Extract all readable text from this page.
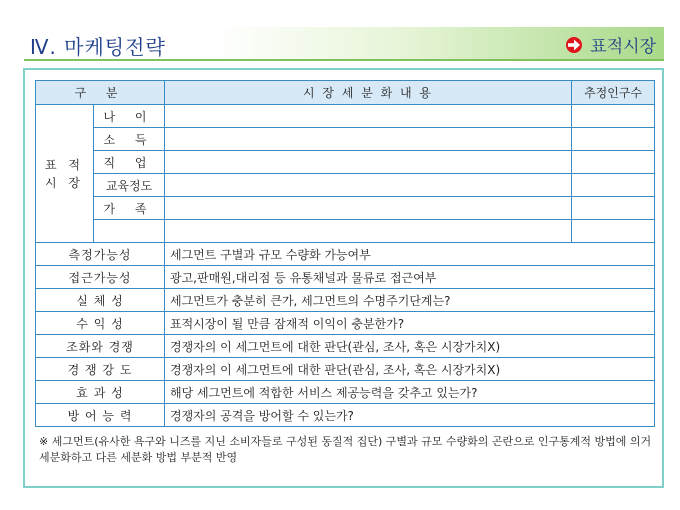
Ⅳ. 마케팅전략	표적시장
구 분		시 장 세 분 화 내 용	추정인구수

표 적
시 장	나 이		
	소 득		
	직 업		
	교육정도		
	가 족		

측정가능성		세그먼트 구별과 규모 수량화 가능여부	
접근가능성		광고,판매원,대리점 등 유통채널과 물류로 접근여부	
실 체 성		세그먼트가 충분히 큰가, 세그먼트의 수명주기단계는?	
수 익 성		표적시장이 될 만큼 잠재적 이익이 충분한가?	
조화와 경쟁		경쟁자의 이 세그먼트에 대한 판단(관심, 조사, 혹은 시장가치X)	
경 쟁 강 도		경쟁자의 이 세그먼트에 대한 판단(관심, 조사, 혹은 시장가치X)	
효 과 성		해당 세그먼트에 적합한 서비스 제공능력을 갖추고 있는가?	
방 어 능 력		경쟁자의 공격을 방어할 수 있는가?	
※ 세그먼트(유사한 욕구와 니즈를 지닌 소비자들로 구성된 동질적 집단) 구별과 규모 수량화의 곤란으로 인구통계적 방법에 의거 세분화하고 다른 세분화 방법 부분적 반영
